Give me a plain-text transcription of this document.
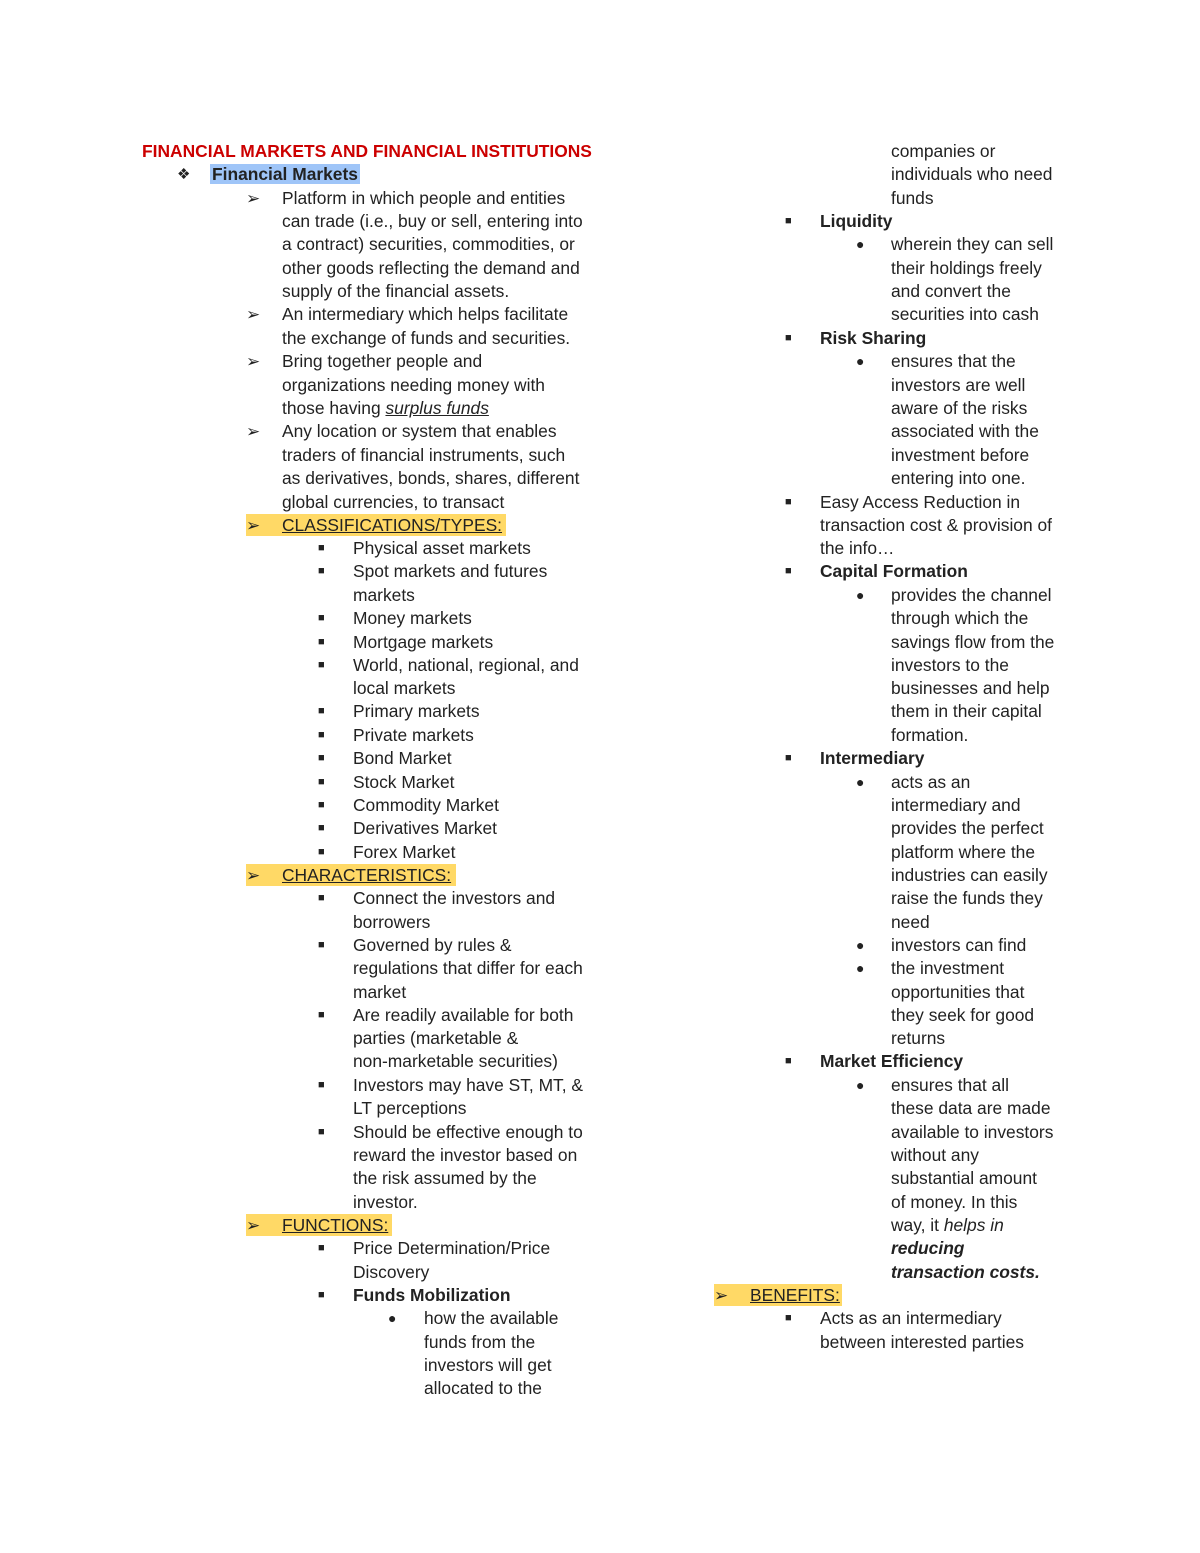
FINANCIAL MARKETS AND FINANCIAL INSTITUTIONS
❖ Financial Markets
➢ Platform in which people and entities
can trade (i.e., buy or sell, entering into
a contract) securities, commodities, or
other goods reflecting the demand and
supply of the financial assets.
➢ An intermediary which helps facilitate
the exchange of funds and securities.
➢ Bring together people and
organizations needing money with
those having surplus funds
➢ Any location or system that enables
traders of financial instruments, such
as derivatives, bonds, shares, different
global currencies, to transact
➢ CLASSIFICATIONS/TYPES:
■ Physical asset markets
■ Spot markets and futures
markets
■ Money markets
■ Mortgage markets
■ World, national, regional, and
local markets
■ Primary markets
■ Private markets
■ Bond Market
■ Stock Market
■ Commodity Market
■ Derivatives Market
■ Forex Market
➢ CHARACTERISTICS:
■ Connect the investors and
borrowers
■ Governed by rules &
regulations that differ for each
market
■ Are readily available for both
parties (marketable &
non-marketable securities)
■ Investors may have ST, MT, &
LT perceptions
■ Should be effective enough to
reward the investor based on
the risk assumed by the
investor.
➢ FUNCTIONS:
■ Price Determination/Price
Discovery
■ Funds Mobilization
● how the available
funds from the
investors will get
allocated to the
companies or
individuals who need
funds
■ Liquidity
● wherein they can sell
their holdings freely
and convert the
securities into cash
■ Risk Sharing
● ensures that the
investors are well
aware of the risks
associated with the
investment before
entering into one.
■ Easy Access Reduction in
transaction cost & provision of
the info…
■ Capital Formation
● provides the channel
through which the
savings flow from the
investors to the
businesses and help
them in their capital
formation.
■ Intermediary
● acts as an
intermediary and
provides the perfect
platform where the
industries can easily
raise the funds they
need
● investors can find
● the investment
opportunities that
they seek for good
returns
■ Market Efficiency
● ensures that all
these data are made
available to investors
without any
substantial amount
of money. In this
way, it helps in
reducing
transaction costs.
➢ BENEFITS:
■ Acts as an intermediary
between interested parties
